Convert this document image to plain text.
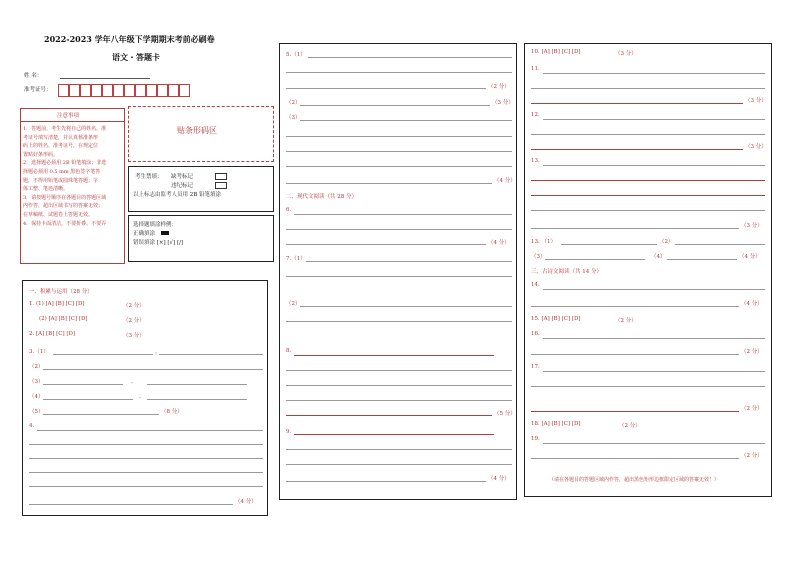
2022-2023 学年八年级下学期期末考前必刷卷
语文・答题卡
姓 名：
准考证号：
注意事项
1．答题前，考生先将自己的姓名，准
考证号填写清楚，并认真核准条形
码上的姓名、准考证号，在规定位
置贴好条形码。
2．选择题必须用 2B 铅笔填涂；非选
择题必须用 0.5 mm 黑色签字笔答
题，不得用铅笔或圆珠笔答题；字
体工整、笔迹清晰。
3．请按题号顺序在各题目的答题区域
内作答，超出区域书写的答案无效；
在草稿纸、试题卷上答题无效。
4．保持卡面清洁，不要折叠、不要弄
贴条形码区
考生禁填： 缺考标记
违纪标记
以上标志由监考人员用 2B 铅笔填涂
选择题填涂样例：
正确填涂
错误填涂 [×] [√] [/]
一、积累与运用（28 分）
1. (1) [A] [B] [C] [D]	（2 分）
(2) [A] [B] [C] [D]	（2 分）
2. [A] [B] [C] [D]	（3 分）
3.（1）	。
（2）
（3）	、
（4）	、
（5）	（8 分）
4.
（4 分）
5.（1）
（2 分）
（2）	（3 分）
（3）
（4 分）
二、现代文阅读（共 28 分）
6.
（4 分）
7.（1）
（2）
8.
（5 分）
9．
（4 分）
10. [A] [B] [C] [D]	（3 分）
11.
（3 分）
12.
（3 分）
13.
（3 分）
13. （1）	（2）
（3）	（4）	（4 分）
三、古诗文阅读（共 14 分）
14.
（4 分）
15. [A] [B] [C] [D]	（2 分）
16.
（2 分）
17.
（2 分）
18. [A] [B] [C] [D]	（2 分）
19.
（2 分）
（请在各题目的答题区域内作答，超出黑色矩形边框限定区域的答案无效！）
